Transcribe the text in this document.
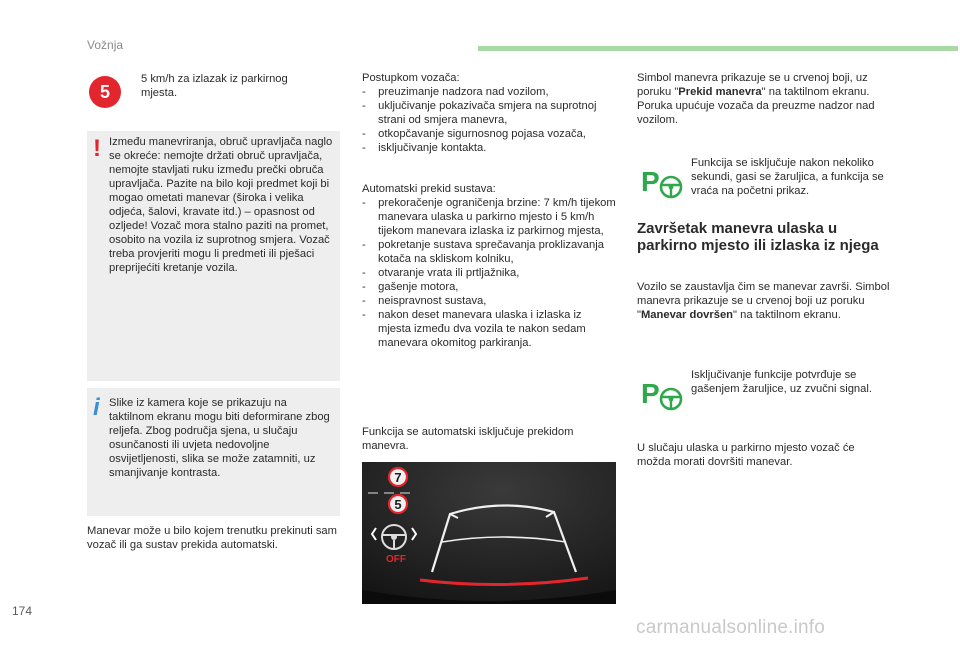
Vožnja
5

5 km/h za izlazak iz parkirnog mjesta.

! Između manevriranja, obruč upravljača naglo se okreće: nemojte držati obruč upravljača, nemojte stavljati ruku između prečki obruča upravljača. Pazite na bilo koji predmet koji bi mogao ometati manevar (široka i velika odjeća, šalovi, kravate itd.) – opasnost od ozljede! Vozač mora stalno paziti na promet, osobito na vozila iz suprotnog smjera. Vozač treba provjeriti mogu li predmeti ili pješaci preprijećiti kretanje vozila.

i Slike iz kamera koje se prikazuju na taktilnom ekranu mogu biti deformirane zbog reljefa. Zbog područja sjena, u slučaju osunčanosti ili uvjeta nedovoljne osvijetljenosti, slika se može zatamniti, uz smanjivanje kontrasta.

Manevar može u bilo kojem trenutku prekinuti sam vozač ili ga sustav prekida automatski.

Postupkom vozača:

-    preuzimanje nadzora nad vozilom,
-    uključivanje pokazivača smjera na suprotnoj strani od smjera manevra,
-    otkopčavanje sigurnosnog pojasa vozača,
-    isključivanje kontakta.

Automatski prekid sustava:

-    prekoračenje ograničenja brzine: 7 km/h tijekom manevara ulaska u parkirno mjesto i 5 km/h tijekom manevara izlaska iz parkirnog mjesta,
-    pokretanje sustava sprečavanja proklizavanja kotača na skliskom kolniku,
-    otvaranje vrata ili prtljažnika,
-    gašenje motora,
-    neispravnost sustava,
-    nakon deset manevara ulaska i izlaska iz mjesta između dva vozila te nakon sedam manevara okomitog parkiranja.

Funkcija se automatski isključuje prekidom manevra.

7
5
OFF

Simbol manevra prikazuje se u crvenoj boji, uz poruku "Prekid manevra" na taktilnom ekranu. Poruka upućuje vozača da preuzme nadzor nad vozilom.

P

Funkcija se isključuje nakon nekoliko sekundi, gasi se žaruljica, a funkcija se vraća na početni prikaz.

Završetak manevra ulaska u parkirno mjesto ili izlaska iz njega

Vozilo se zaustavlja čim se manevar završi. Simbol manevra prikazuje se u crvenoj boji uz poruku "Manevar dovršen" na taktilnom ekranu.

P

Isključivanje funkcije potvrđuje se gašenjem žaruljice, uz zvučni signal.

U slučaju ulaska u parkirno mjesto vozač će možda morati dovršiti manevar.

174
carmanualsonline.info
